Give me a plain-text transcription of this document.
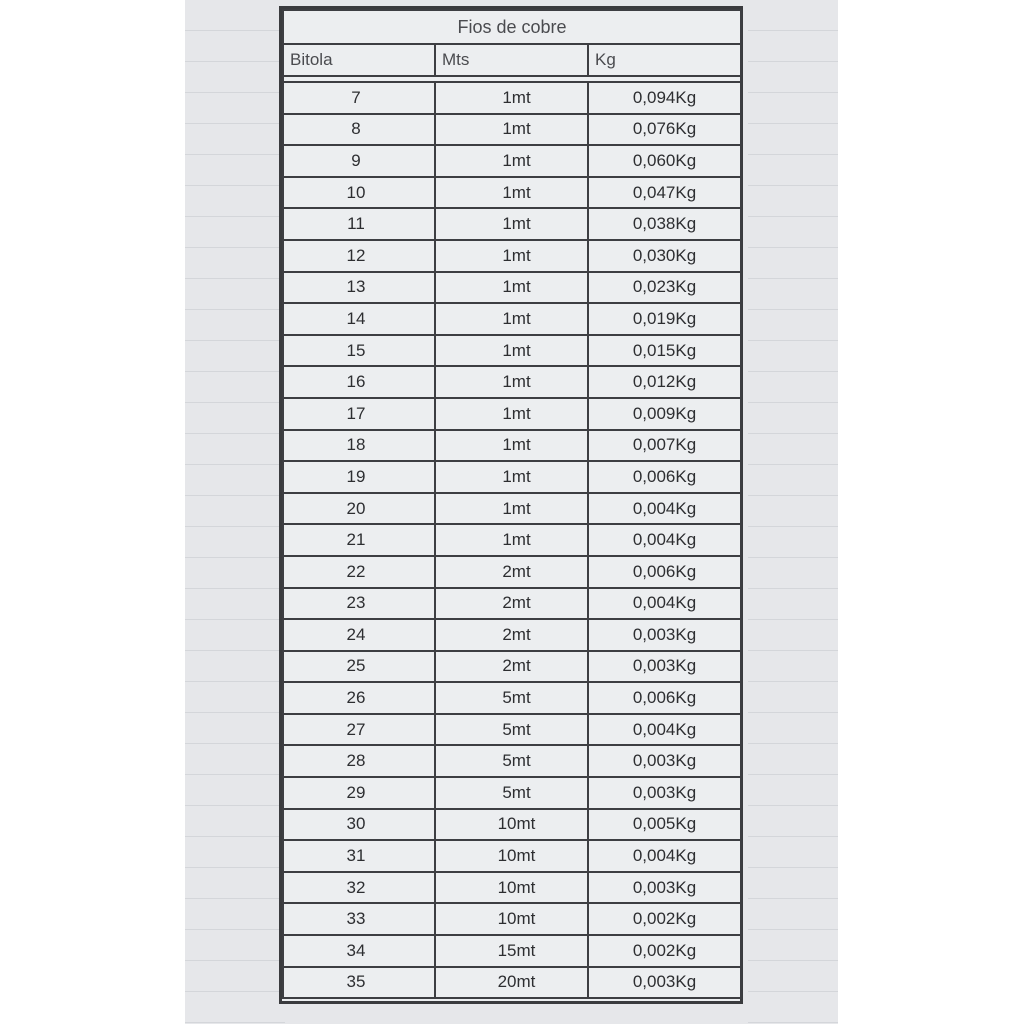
Fios de cobre		
Bitola	Mts	Kg

7	1mt	0,094Kg
8	1mt	0,076Kg
9	1mt	0,060Kg
10	1mt	0,047Kg
11	1mt	0,038Kg
12	1mt	0,030Kg
13	1mt	0,023Kg
14	1mt	0,019Kg
15	1mt	0,015Kg
16	1mt	0,012Kg
17	1mt	0,009Kg
18	1mt	0,007Kg
19	1mt	0,006Kg
20	1mt	0,004Kg
21	1mt	0,004Kg
22	2mt	0,006Kg
23	2mt	0,004Kg
24	2mt	0,003Kg
25	2mt	0,003Kg
26	5mt	0,006Kg
27	5mt	0,004Kg
28	5mt	0,003Kg
29	5mt	0,003Kg
30	10mt	0,005Kg
31	10mt	0,004Kg
32	10mt	0,003Kg
33	10mt	0,002Kg
34	15mt	0,002Kg
35	20mt	0,003Kg
